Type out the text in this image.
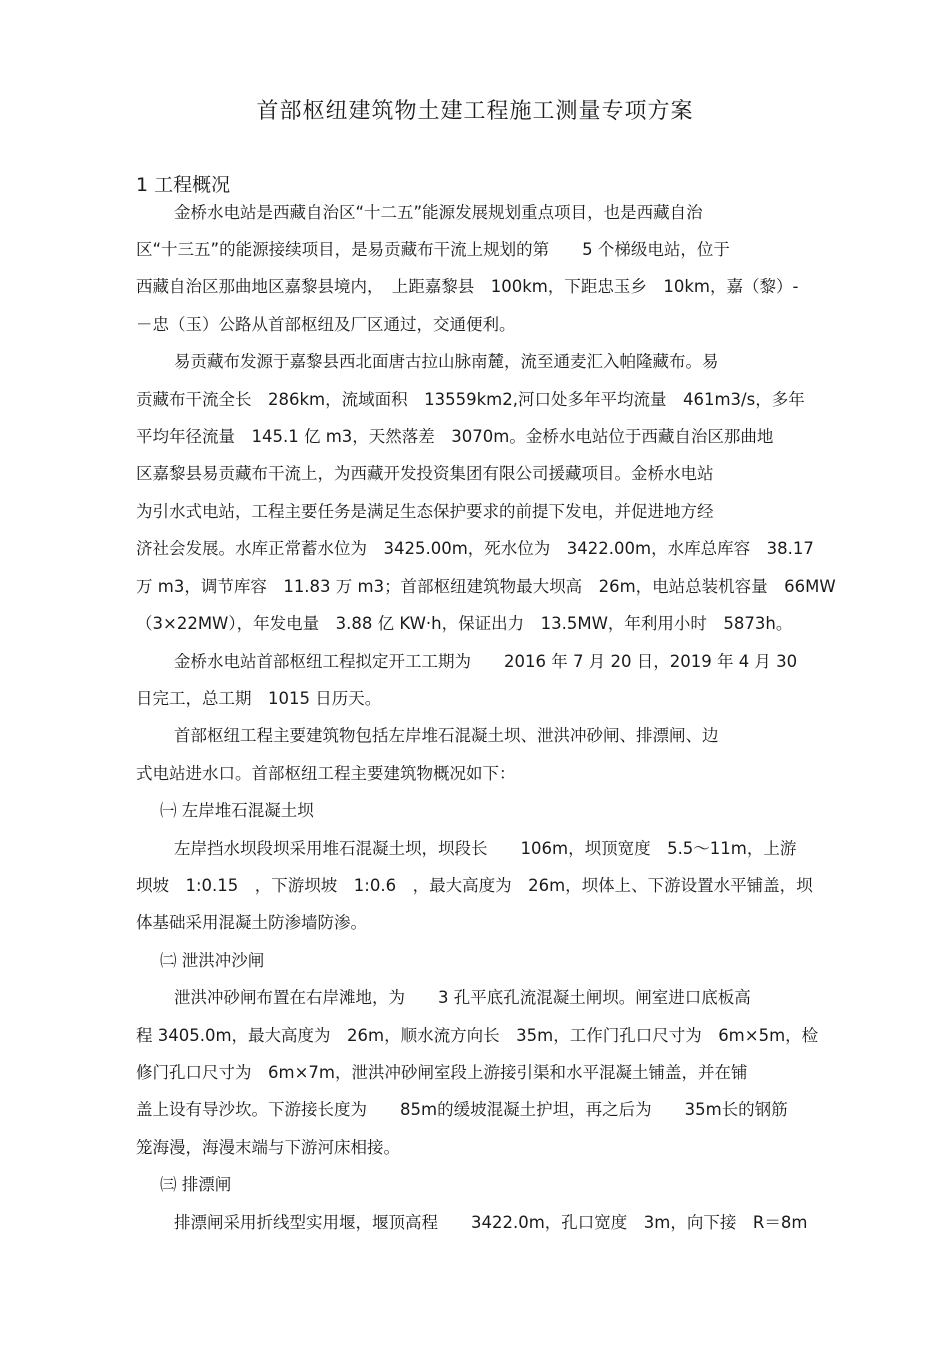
首部枢纽建筑物土建工程施工测量专项方案
1 工程概况
金桥水电站是西藏自治区“十二五”能源发展规划重点项目，也是西藏自治
区“十三五”的能源接续项目，是易贡藏布干流上规划的第　　5 个梯级电站，位于
西藏自治区那曲地区嘉黎县境内，　上距嘉黎县　100km，下距忠玉乡　10km，嘉（黎）-
－忠（玉）公路从首部枢纽及厂区通过，交通便利。
易贡藏布发源于嘉黎县西北面唐古拉山脉南麓，流至通麦汇入帕隆藏布。易
贡藏布干流全长　286km，流域面积　13559km2,河口处多年平均流量　461m3/s，多年
平均年径流量　145.1 亿 m3，天然落差　3070m。金桥水电站位于西藏自治区那曲地
区嘉黎县易贡藏布干流上，为西藏开发投资集团有限公司援藏项目。金桥水电站
为引水式电站，工程主要任务是满足生态保护要求的前提下发电，并促进地方经
济社会发展。水库正常蓄水位为　3425.00m，死水位为　3422.00m，水库总库容　38.17
万 m3，调节库容　11.83 万 m3；首部枢纽建筑物最大坝高　26m，电站总装机容量　66MW
（3×22MW），年发电量　3.88 亿 KW·h，保证出力　13.5MW，年利用小时　5873h。
金桥水电站首部枢纽工程拟定开工工期为　　2016 年 7 月 20 日，2019 年 4 月 30
日完工，总工期　1015 日历天。
首部枢纽工程主要建筑物包括左岸堆石混凝土坝、泄洪冲砂闸、排漂闸、边
式电站进水口。首部枢纽工程主要建筑物概况如下：
㈠ 左岸堆石混凝土坝
左岸挡水坝段坝采用堆石混凝土坝，坝段长　　106m，坝顶宽度　5.5～11m，上游
坝坡　1:0.15　，下游坝坡　1:0.6　，最大高度为　26m，坝体上、下游设置水平铺盖，坝
体基础采用混凝土防渗墙防渗。
㈡ 泄洪冲沙闸
泄洪冲砂闸布置在右岸滩地，为　　3 孔平底孔流混凝土闸坝。闸室进口底板高
程 3405.0m，最大高度为　26m，顺水流方向长　35m，工作门孔口尺寸为　6m×5m，检
修门孔口尺寸为　6m×7m，泄洪冲砂闸室段上游接引渠和水平混凝土铺盖，并在铺
盖上设有导沙坎。下游接长度为　　85m的缓坡混凝土护坦，再之后为　　35m长的钢筋
笼海漫，海漫末端与下游河床相接。
㈢ 排漂闸
排漂闸采用折线型实用堰，堰顶高程　　3422.0m，孔口宽度　3m，向下接　R＝8m
